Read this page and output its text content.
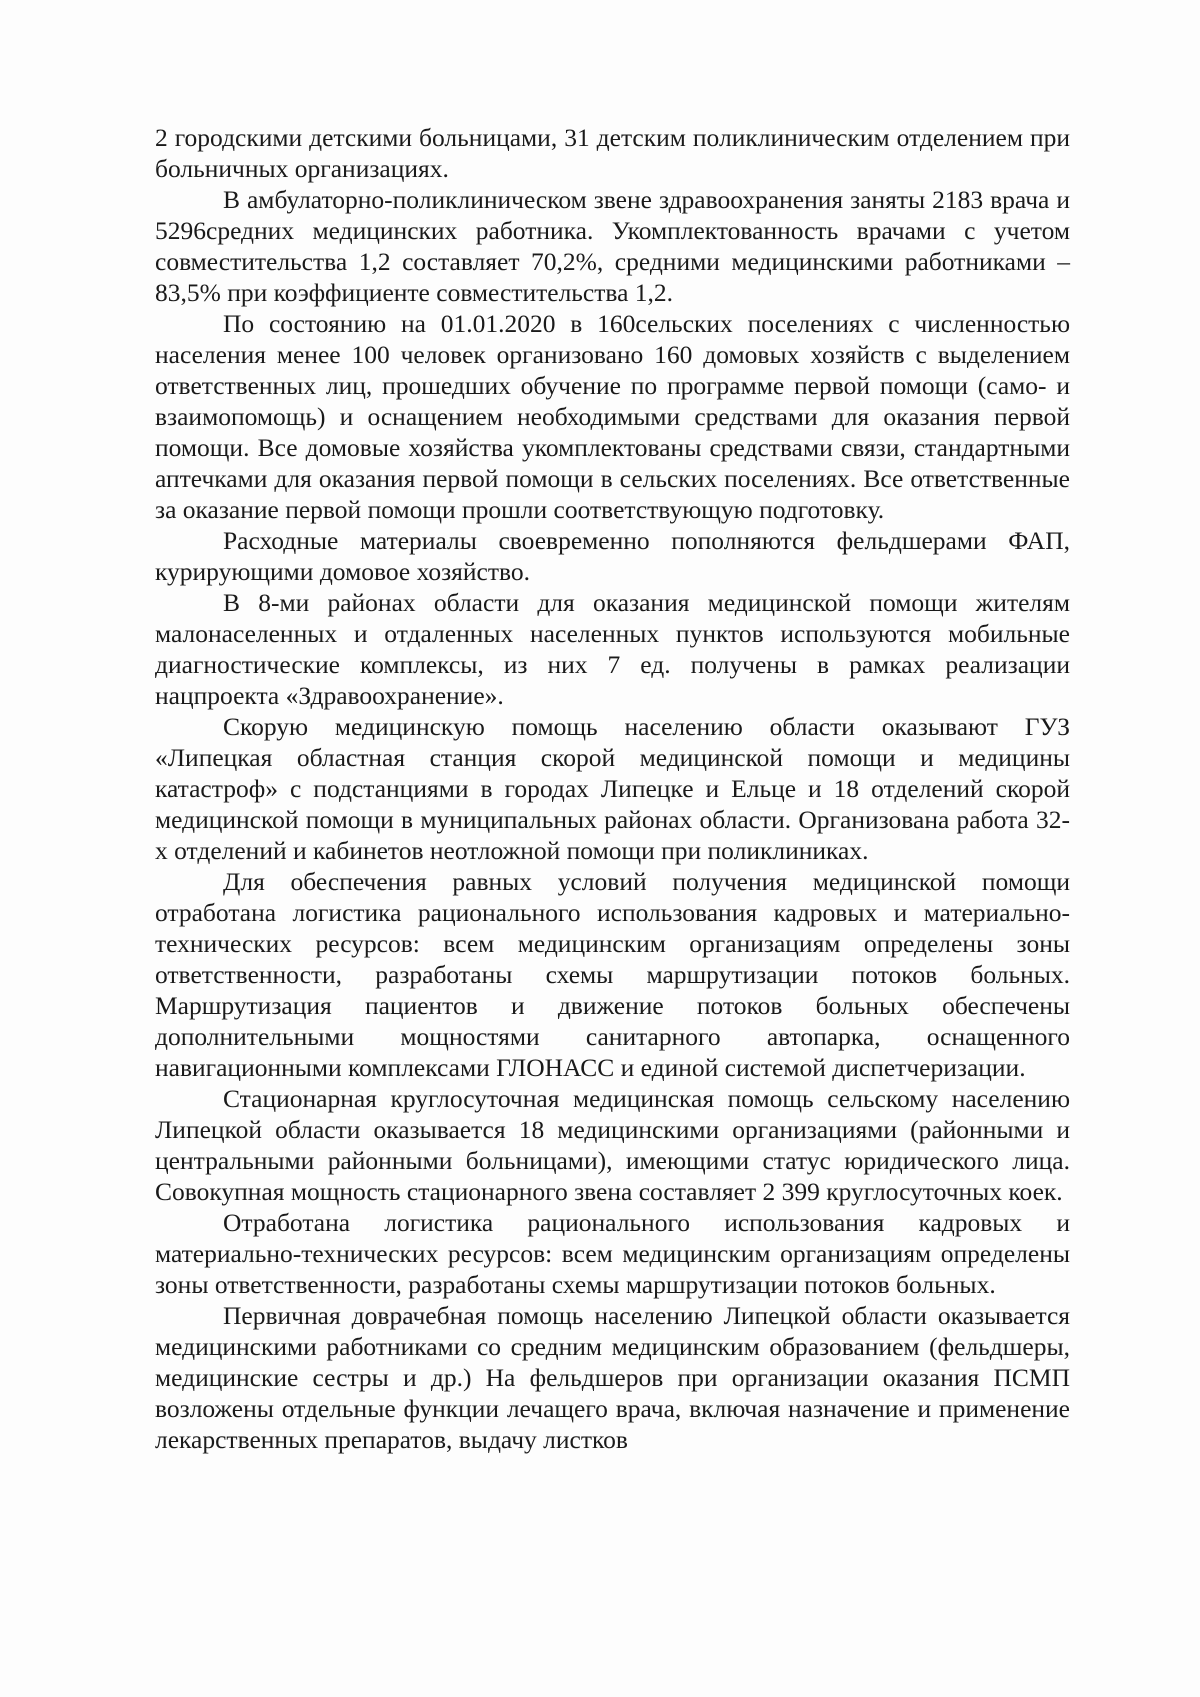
2 городскими детскими больницами, 31 детским поликлиническим отделением при больничных организациях.

В амбулаторно-поликлиническом звене здравоохранения заняты 2183 врача и 5296средних медицинских работника. Укомплектованность врачами с учетом совместительства 1,2 составляет 70,2%, средними медицинскими работниками – 83,5% при коэффициенте совместительства 1,2.

По состоянию на 01.01.2020 в 160сельских поселениях с численностью населения менее 100 человек организовано 160 домовых хозяйств с выделением ответственных лиц, прошедших обучение по программе первой помощи (само- и взаимопомощь) и оснащением необходимыми средствами для оказания первой помощи. Все домовые хозяйства укомплектованы средствами связи, стандартными аптечками для оказания первой помощи в сельских поселениях. Все ответственные за оказание первой помощи прошли соответствующую подготовку.

Расходные материалы своевременно пополняются фельдшерами ФАП, курирующими домовое хозяйство.

В 8-ми районах области для оказания медицинской помощи жителям малонаселенных и отдаленных населенных пунктов используются мобильные диагностические комплексы, из них 7 ед. получены в рамках реализации нацпроекта «Здравоохранение».

Скорую медицинскую помощь населению области оказывают ГУЗ «Липецкая областная станция скорой медицинской помощи и медицины катастроф» с подстанциями в городах Липецке и Ельце и 18 отделений скорой медицинской помощи в муниципальных районах области. Организована работа 32-х отделений и кабинетов неотложной помощи при поликлиниках.

Для обеспечения равных условий получения медицинской помощи отработана логистика рационального использования кадровых и материально-технических ресурсов: всем медицинским организациям определены зоны ответственности, разработаны схемы маршрутизации потоков больных. Маршрутизация пациентов и движение потоков больных обеспечены дополнительными мощностями санитарного автопарка, оснащенного навигационными комплексами ГЛОНАСС и единой системой диспетчеризации.

Стационарная круглосуточная медицинская помощь сельскому населению Липецкой области оказывается 18 медицинскими организациями (районными и центральными районными больницами), имеющими статус юридического лица. Совокупная мощность стационарного звена составляет 2 399 круглосуточных коек.

Отработана логистика рационального использования кадровых и материально-технических ресурсов: всем медицинским организациям определены зоны ответственности, разработаны схемы маршрутизации потоков больных.

Первичная доврачебная помощь населению Липецкой области оказывается медицинскими работниками со средним медицинским образованием (фельдшеры, медицинские сестры и др.) На фельдшеров при организации оказания ПСМП возложены отдельные функции лечащего врача, включая назначение и применение лекарственных препаратов, выдачу листков
